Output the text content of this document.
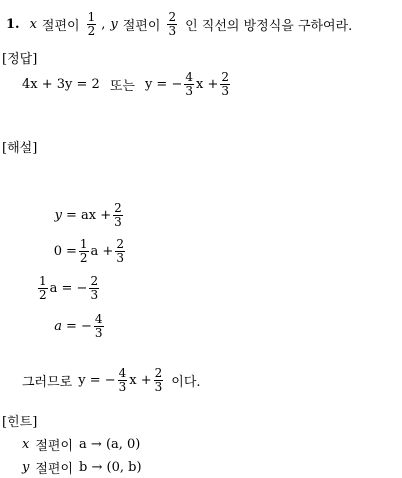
1. x 절편이 $\frac{1}{2}$ , y 절편이 $\frac{2}{3}$ 인 직선의 방정식을 구하여라.
[정답]
4x + 3y = 2 또는 y = − $\frac{4}{3}$ $x + \frac{2}{3}$
[해설]
y = ax + $\frac{2}{3}$
$0 = \frac{1}{2}$ $a + \frac{2}{3}$
$\frac{1}{2}$ a = − $\frac{2}{3}$
a = − $\frac{4}{3}$
그러므로 y = − $\frac{4}{3}$ $x + \frac{2}{3}$ 이다.
[힌트]
x 절편이 a → (a, 0)
y 절편이 b → (0, b)
